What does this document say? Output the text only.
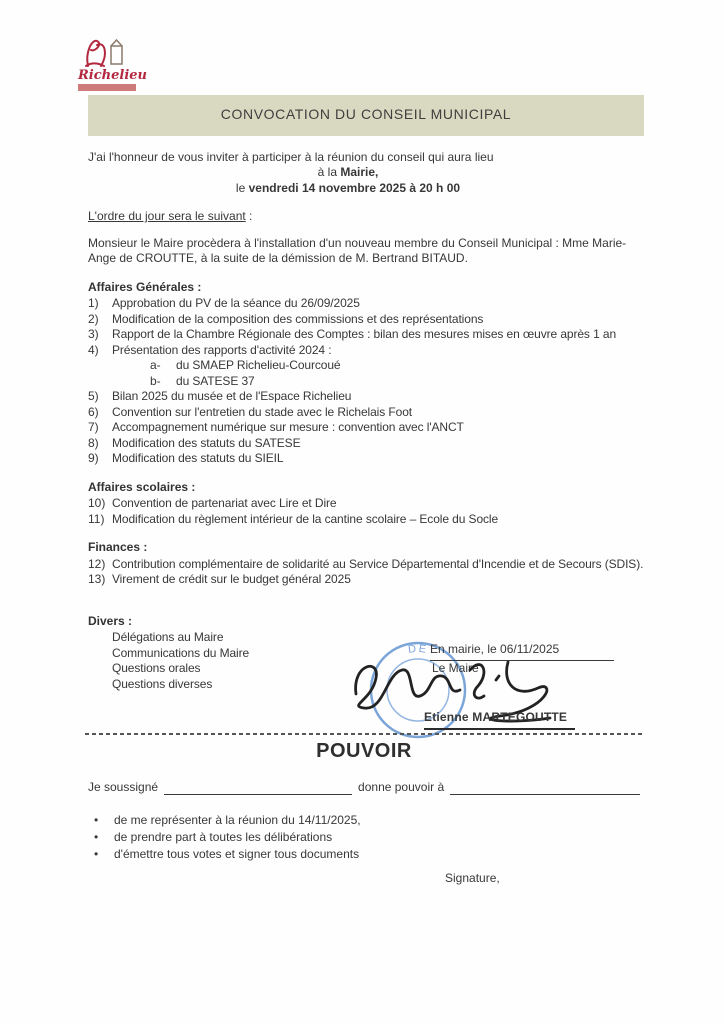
Richelieu
CONVOCATION DU CONSEIL MUNICIPAL

J'ai l'honneur de vous inviter à participer à la réunion du conseil qui aura lieu
à la Mairie,
le vendredi 14 novembre 2025 à 20 h 00

L'ordre du jour sera le suivant :

Monsieur le Maire procèdera à l'installation d'un nouveau membre du Conseil Municipal : Mme Marie-Ange de CROUTTE, à la suite de la démission de M. Bertrand BITAUD.

Affaires Générales :
1)	Approbation du PV de la séance du 26/09/2025
2)	Modification de la composition des commissions et des représentations
3)	Rapport de la Chambre Régionale des Comptes : bilan des mesures mises en œuvre après 1 an
4)	Présentation des rapports d'activité 2024 :
a-	du SMAEP Richelieu-Courcoué
b-	du SATESE 37
5)	Bilan 2025 du musée et de l'Espace Richelieu
6)	Convention sur l'entretien du stade avec le Richelais Foot
7)	Accompagnement numérique sur mesure : convention avec l'ANCT
8)	Modification des statuts du SATESE
9)	Modification des statuts du SIEIL
Affaires scolaires :
10) Convention de partenariat avec Lire et Dire
11) Modification du règlement intérieur de la cantine scolaire – Ecole du Socle
Finances :
12) Contribution complémentaire de solidarité au Service Départemental d'Incendie et de Secours (SDIS).
13) Virement de crédit sur le budget général 2025
Divers :
Délégations au Maire
Communications du Maire
Questions orales
Questions diverses
DE En mairie, le 06/11/2025
Le Maire
Etienne MARTEGOUTTE
POUVOIR
Je soussigné	donne pouvoir à
•	de me représenter à la réunion du 14/11/2025,
•	de prendre part à toutes les délibérations
•	d'émettre tous votes et signer tous documents
Signature,
